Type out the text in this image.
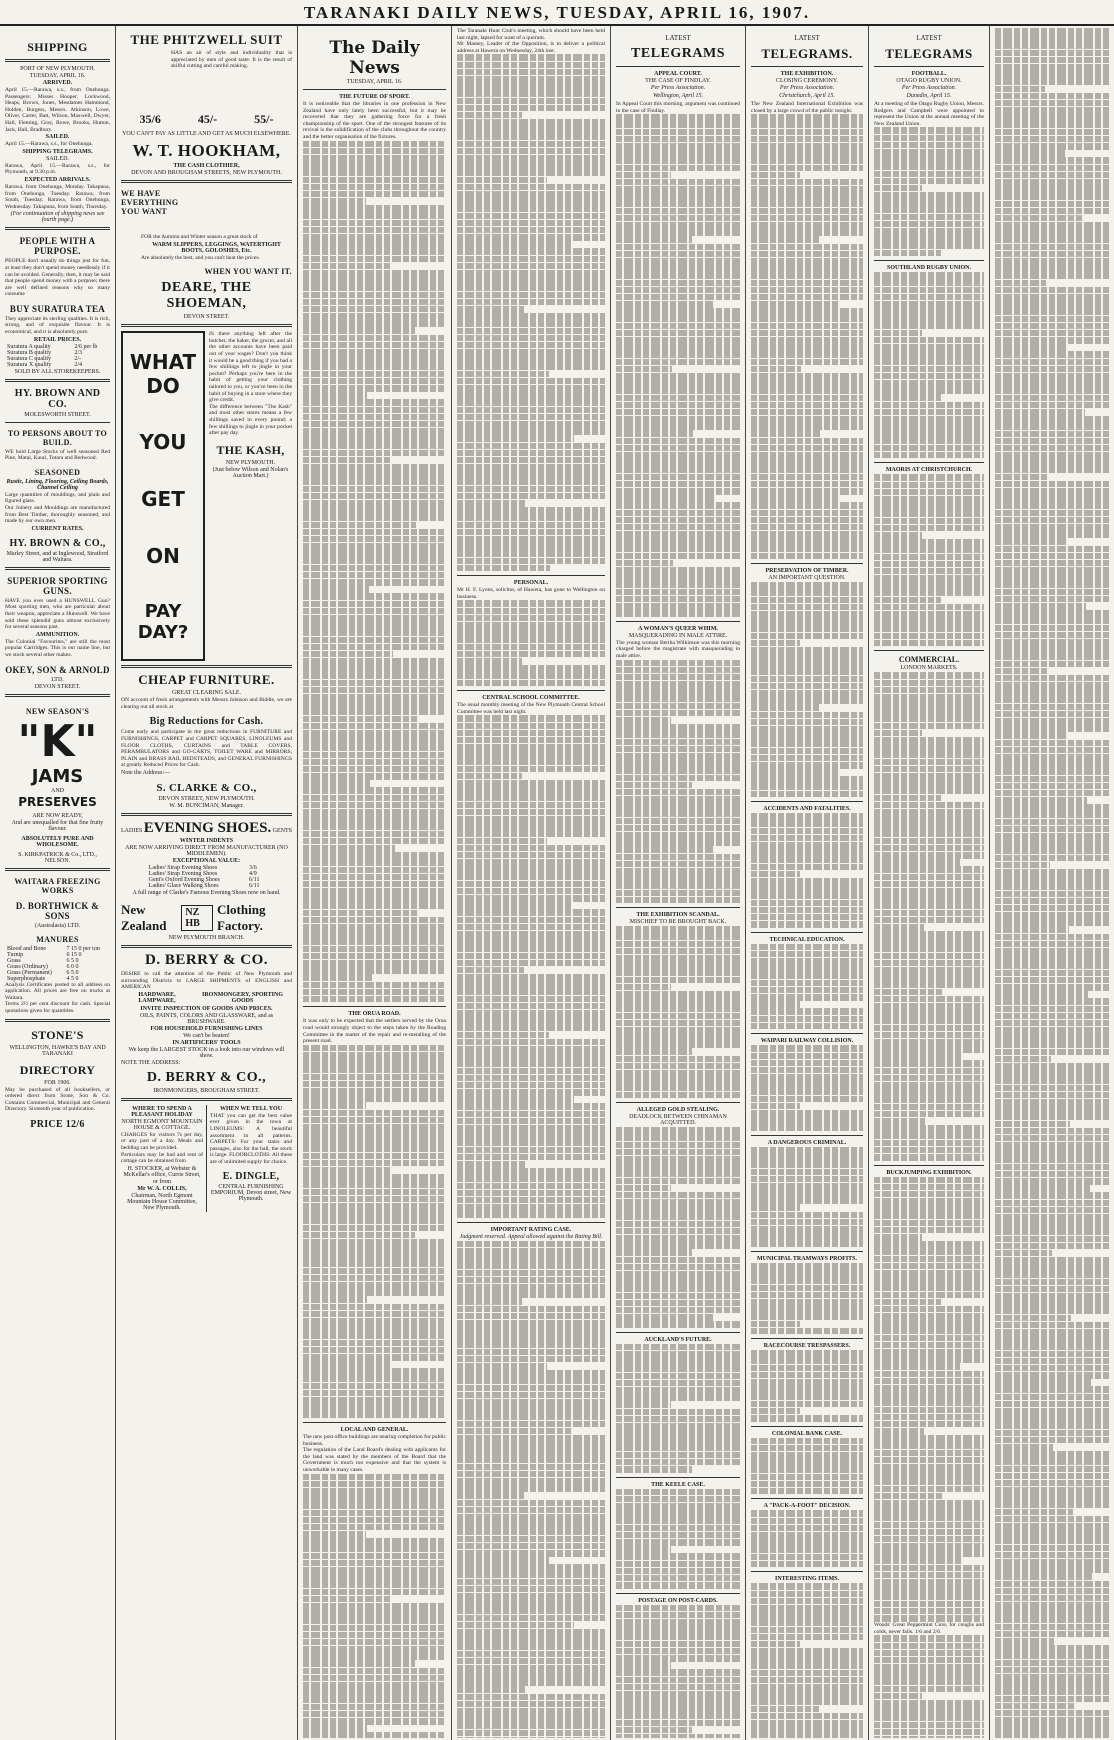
TARANAKI DAILY NEWS, TUESDAY, APRIL 16, 1907.
SHIPPING
PORT OF NEW PLYMOUTH.
TUESDAY, APRIL 16.
ARRIVED.
April 15.—Rarawa, s.s., from Onehunga. Passengers: Misses Hooper, Lockwood, Heaps, Brown, Jones, Mesdames Hammond, Holden, Burgess, Messrs. Atkinson, Lowe, Oliver, Carter, Batt, Wilson, Maxwell, Dwyer, Hall, Fleming, Gray, Rowe, Brooks, Hutton, Jack, Hall, Bradbury.
SAILED.
April 15.—Rarawa, s.s., for Onehunga.
SHIPPING TELEGRAMS.
SAILED.
Rarawa, April 15.—Rarawa, s.s., for Plymouth, at 9.30 p.m.
EXPECTED ARRIVALS.
Rarawa, from Onehunga, Monday. Takapuna, from Onehunga, Tuesday. Rarawa, from South, Tuesday. Rarawa, from Onehunga, Wednesday. Takapuna, from South, Thursday.
(For continuation of shipping news see fourth page.)
PEOPLE WITH A PURPOSE.
PEOPLE don't usually do things just for fun, at least they don't spend money needlessly if it can be avoided. Generally, then, it may be said that people spend money with a purpose; there are well defined reasons why so many consume
BUY SURATURA TEA
They appreciate its sterling qualities. It is rich, strong, and of exquisite flavour. It is economical, and it is absolutely pure.
RETAIL PRICES.
Suratura A quality	2/6 per lb
Suratura B quality	2/3
Suratura C quality	2/-
Suratura X quality	2/4
SOLD BY ALL STOREKEEPERS.
HY. BROWN AND CO.
MOLESWORTH STREET.
TO PERSONS ABOUT TO BUILD.
WE hold Large Stocks of well seasoned Red Pine, Matai, Kauri, Totara and Redwood.
SEASONED
Rustic, Lining, Flooring, Ceiling Boards, Channel Ceiling
Large quantities of mouldings, and plain and figured glass.
Our Joinery and Mouldings are manufactured from Best Timber, thoroughly seasoned, and made by our own men.
CURRENT RATES.
HY. BROWN & CO.,
Marley Street, and at Inglewood, Stratford and Waitara.
SUPERIOR SPORTING GUNS.
HAVE you ever used a HUNSWELL Gun? Most sporting men, who are particular about their weapon, appreciate a Hunswell. We have sold these splendid guns almost exclusively for several seasons past.
AMMUNITION.
The Colonial "Favourites," are still the most popular Cartridges. This is our name line, but we stock several other makes.
OKEY, SON & ARNOLD
LTD.
DEVON STREET.
NEW SEASON'S
"K"
JAMS
AND
PRESERVES
ARE NOW READY,
And are unequalled for that fine fruity flavour.
ABSOLUTELY PURE AND WHOLESOME.
S. KIRKPATRICK & Co., LTD., NELSON.
WAITARA FREEZING WORKS
D. BORTHWICK & SONS
(Australasia) LTD.
MANURES
Blood and Bone	7 15 0 per ton
Turnip	6 15 0
Grass	6 5 0
Grass (Ordinary)	6 0 0
Grass (Permanent)	6 5 0
Superphosphate	4 5 0
Analysis Certificates posted to all address on application. All prices are free on trucks at Waitara.
Terms 2½ per cent discount for cash. Special quotations given for quantities.
STONE'S
WELLINGTON, HAWKE'S BAY AND TARANAKI
DIRECTORY
FOR 1906.
May be purchased of all booksellers, or ordered direct from Stone, Son & Co. Contains Commercial, Municipal and General Directory. Sixteenth year of publication.
PRICE 12/6
THE PHITZWELL SUIT
HAS an air of style and individuality that is appreciated by men of good taste. It is the result of skilful cutting and careful making.
35/6	45/-	55/-
YOU CAN'T PAY AS LITTLE AND GET AS MUCH ELSEWHERE.
W. T. HOOKHAM,
THE CASH CLOTHIER,
DEVON AND BROUGHAM STREETS, NEW PLYMOUTH.
WE HAVE EVERYTHING YOU WANT
FOR the Autumn and Winter season a great stock of
WARM SLIPPERS, LEGGINGS, WATERTIGHT BOOTS, GOLOSHES, Etc.
Are absolutely the best, and you can't beat the prices.
WHEN YOU WANT IT.
DEARE, THE SHOEMAN,
DEVON STREET.
WHAT DO
YOU
GET
ON
PAY DAY?
IS there anything left after the butcher, the baker, the grocer, and all the other accounts have been paid out of your wages? Don't you think it would be a good thing if you had a few shillings left to jingle in your pocket? Perhaps you're here in the habit of getting your clothing tailored to you, or you've been in the habit of buying in a store where they give credit.
The difference between "The Kash" and most other stores means a few shillings saved in every pound; a few shillings to jingle in your pocket after pay day.
THE KASH,
NEW PLYMOUTH.
(Just below Wilson and Nolan's Auction Mart.)
CHEAP FURNITURE.
GREAT CLEARING SALE.
ON account of fresh arrangements with Messrs Johnson and Biddle, we are clearing out all stock at
Big Reductions for Cash.
Come early and participate in the great reductions in FURNITURE and FURNISHINGS, CARPET and CARPET SQUARES, LINOLEUMS and FLOOR CLOTHS, CURTAINS and TABLE COVERS, PERAMBULATORS and GO-CARTS, TOILET WARE and MIRRORS, PLAIN and BRASS RAIL BEDSTEADS, and GENERAL FURNISHINGS at greatly Reduced Prices for Cash.
Note the Address:—
S. CLARKE & CO.,
DEVON STREET, NEW PLYMOUTH.
W. M. BUNCIMAN, Manager.
LADIES EVENING SHOES. GENTS
WINTER INDENTS
ARE NOW ARRIVING DIRECT FROM MANUFACTURER (NO MIDDLEMEN).
EXCEPTIONAL VALUE:
Ladies' Strap Evening Shoes	3/6
Ladies' Strap Evening Shoes	4/9
Gent's Oxford Evening Shoes	6/11
Ladies' Glace Walking Shoes	6/11
A full range of Clarke's Famous Evening Shoes now on hand.
New Zealand
NZ HB
Clothing Factory.
NEW PLYMOUTH BRANCH.
D. BERRY & CO.
DESIRE to call the attention of the Public of New Plymouth and surrounding Districts to LARGE SHIPMENTS of ENGLISH and AMERICAN
HARDWARE, LAMPWARE,
IRONMONGERY, SPORTING GOODS
INVITE INSPECTION OF GOODS AND PRICES.
OILS, PAINTS, COLORS AND GLASSWARE, and as BRUSHWARE.
FOR HOUSEHOLD FURNISHING LINES
We can't be beaten!
IN ARTIFICERS' TOOLS
We keep the LARGEST STOCK in a look into our windows will show.
NOTE THE ADDRESS:
D. BERRY & CO.,
IRONMONGERS, BROUGHAM STREET.
WHERE TO SPEND A PLEASANT HOLIDAY
NORTH EGMONT MOUNTAIN HOUSE & COTTAGE.
CHARGES for visitors 7s per day, or any part of a day. Meals and bedding can be provided.
Particulars may be had and rent of cottage can be obtained from
H. STOCKER, at Webster & McKellar's office, Currie Street,
or from
Mr W. A. COLLIS,
Chairman, North Egmont Mountain House Committee, New Plymouth.
WHEN WE TELL YOU
THAT you can get the best value ever given in the town at LINOLEUMS: A beautiful assortment in all patterns. CARPETS: For your stairs and passages, also for the hall, the stock is large. FLOORCLOTHS: All these are of unlimited supply for choice.
E. DINGLE,
CENTRAL FURNISHING EMPORIUM, Devon street, New Plymouth.
The Daily News
TUESDAY, APRIL 16.
THE FUTURE OF SPORT.
It is noticeable that the libraries in one profession in New Zealand have only lately been successful, but it may be recovered that they are gathering force for a fresh championship of the sport. One of the strongest features of its revival is the solidification of the clubs throughout the country and the better organisation of the fixtures.
THE ORUA ROAD.
It was only to be expected that the settlers served by the Orua road would strongly object to the steps taken by the Roading Committee in the matter of the repair and re-metalling of the present road.
LOCAL AND GENERAL.
The new post office buildings are nearing completion for public business.
The regulation of the Land Board's dealing with applicants for the land was stated by the members of the Board that the Government is much too expensive and that the system is unworkable in many cases.
The Taranaki Hunt Club's meeting, which should have been held last night, lapsed for want of a quorum.
Mr Massey, Leader of the Opposition, is to deliver a political address at Hawera on Wednesday, 24th inst.
PERSONAL.
Mr H. F. Lyons, solicitor, of Hawera, has gone to Wellington on business.
CENTRAL SCHOOL COMMITTEE.
The usual monthly meeting of the New Plymouth Central School Committee was held last night.
IMPORTANT RATING CASE.
Judgment reserved. Appeal allowed against the Rating Bill.
LATEST
TELEGRAMS
APPEAL COURT.
THE CASE OF FINDLAY.
Per Press Association.
Wellington, April 15.
In Appeal Court this morning, argument was continued in the case of Findlay.
A WOMAN'S QUEER WHIM.
MASQUERADING IN MALE ATTIRE.
The young woman Bertha Wilkinson was this morning charged before the magistrate with masquerading in male attire.
THE EXHIBITION SCANDAL.
MISCHIEF TO BE BROUGHT BACK.
ALLEGED GOLD STEALING.
DEADLOCK BETWEEN CHINAMAN ACQUITTED.
AUCKLAND'S FUTURE.
THE KEELE CASE.
POSTAGE ON POST-CARDS.
LATEST
TELEGRAMS.
THE EXHIBITION.
CLOSING CEREMONY.
Per Press Association.
Christchurch, April 15.
The New Zealand International Exhibition was closed by a large crowd of the public tonight.
PRESERVATION OF TIMBER.
AN IMPORTANT QUESTION.
ACCIDENTS AND FATALITIES.
TECHNICAL EDUCATION.
WAIPARI RAILWAY COLLISION.
A DANGEROUS CRIMINAL.
MUNICIPAL TRAMWAYS PROFITS.
RACECOURSE TRESPASSERS.
COLONIAL BANK CASE.
A "PACK-A-FOOT" DECISION.
INTERESTING ITEMS.
LATEST
TELEGRAMS
FOOTBALL.
OTAGO RUGBY UNION.
Per Press Association.
Dunedin, April 15.
At a meeting of the Otago Rugby Union, Messrs. Rodgers and Campbell were appointed to represent the Union at the annual meeting of the New Zealand Union.
SOUTHLAND RUGBY UNION.
MAORIS AT CHRISTCHURCH.
COMMERCIAL.
LONDON MARKETS.
BUCKJUMPING EXHIBITION.
Woods' Great Peppermint Cure, for coughs and colds, never fails. 1/6 and 2/6.
